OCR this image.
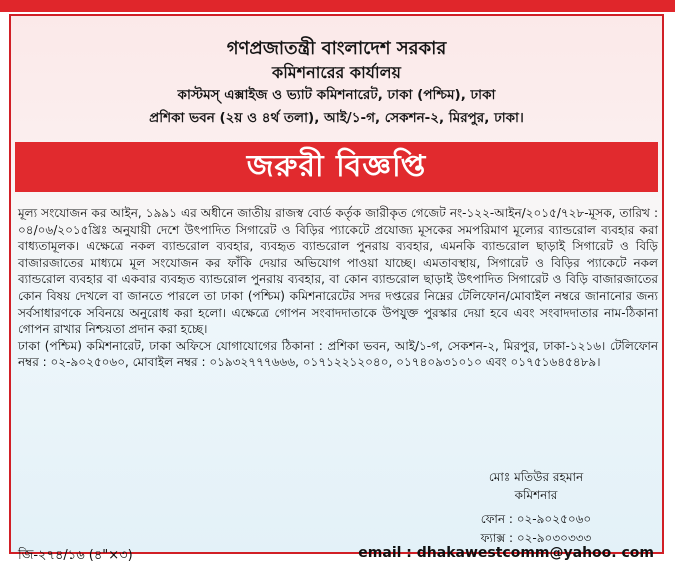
গণপ্রজাতন্ত্রী বাংলাদেশ সরকার
কমিশনারের কার্যালয়
কাস্টমস্ এক্সাইজ ও ভ্যাট কমিশনারেট, ঢাকা (পশ্চিম), ঢাকা
প্রশিকা ভবন (২য় ও ৪র্থ তলা), আই/১-গ, সেকশন-২, মিরপুর, ঢাকা।
জরুরী বিজ্ঞপ্তি

মূল্য সংযোজন কর আইন, ১৯৯১ এর অধীনে জাতীয় রাজস্ব বোর্ড কর্তৃক জারীকৃত গেজেট নং-১২২-আইন/২০১৫/৭২৮-মূসক, তারিখ : ০৪/০৬/২০১৫খ্রিঃ অনুযায়ী দেশে উৎপাদিত সিগারেট ও বিড়ির প্যাকেটে প্রযোজ্য মূসকের সমপরিমাণ মূল্যের ব্যান্ডরোল ব্যবহার করা বাধ্যতামূলক। এক্ষেত্রে নকল ব্যান্ডরোল ব্যবহার, ব্যবহৃত ব্যান্ডরোল পুনরায় ব্যবহার, এমনকি ব্যান্ডরোল ছাড়াই সিগারেট ও বিড়ি বাজারজাতের মাধ্যমে মূল সংযোজন কর ফাঁকি দেয়ার অভিযোগ পাওয়া যাচ্ছে। এমতাবস্থায়, সিগারেট ও বিড়ির প্যাকেটে নকল ব্যান্ডরোল ব্যবহার বা একবার ব্যবহৃত ব্যান্ডরোল পুনরায় ব্যবহার, বা কোন ব্যান্ডরোল ছাড়াই উৎপাদিত সিগারেট ও বিড়ি বাজারজাতের কোন বিষয় দেখলে বা জানতে পারলে তা ঢাকা (পশ্চিম) কমিশনারেটের সদর দপ্তরের নিম্নের টেলিফোন/মোবাইল নম্বরে জানানোর জন্য সর্বসাধারণকে সবিনয়ে অনুরোধ করা হলো। এক্ষেত্রে গোপন সংবাদদাতাকে উপযুক্ত পুরস্কার দেয়া হবে এবং সংবাদদাতার নাম-ঠিকানা গোপন রাখার নিশ্চয়তা প্রদান করা হচ্ছে।

ঢাকা (পশ্চিম) কমিশনারেট, ঢাকা অফিসে যোগাযোগের ঠিকানা : প্রশিকা ভবন, আই/১-গ, সেকশন-২, মিরপুর, ঢাকা-১২১৬। টেলিফোন নম্বর : ০২-৯০২৫০৬০, মোবাইল নম্বর : ০১৯৩২৭৭৭৬৬৬, ০১৭১২২১২০৪০, ০১৭৪০৯৩১০১০ এবং ০১৭৫১৬৪৫৪৮৯।

মোঃ মতিউর রহমান
কমিশনার
ফোন : ০২-৯০২৫০৬০
ফ্যাক্স : ০২-৯০৩০৩৩৩
জি-২৭৪/১৬ (৪"×৩)	email : dhakawestcomm@yahoo. com
